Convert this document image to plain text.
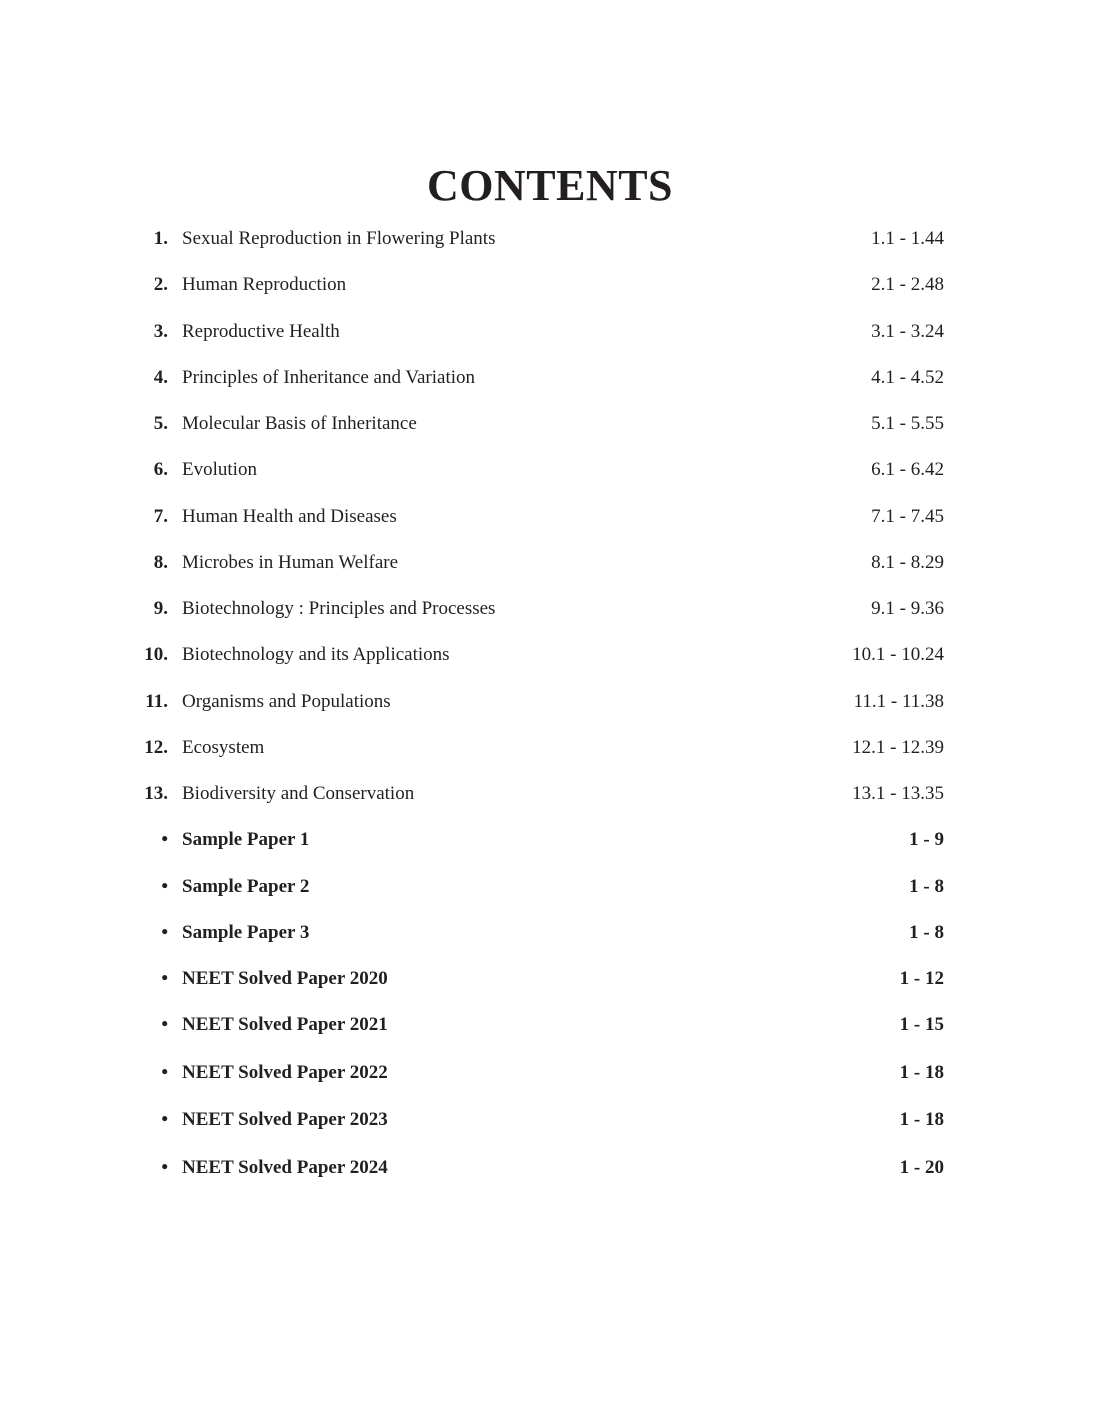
CONTENTS
1. Sexual Reproduction in Flowering Plants	1.1 - 1.44
2. Human Reproduction	2.1 - 2.48
3. Reproductive Health	3.1 - 3.24
4. Principles of Inheritance and Variation	4.1 - 4.52
5. Molecular Basis of Inheritance	5.1 - 5.55
6. Evolution	6.1 - 6.42
7. Human Health and Diseases	7.1 - 7.45
8. Microbes in Human Welfare	8.1 - 8.29
9. Biotechnology : Principles and Processes	9.1 - 9.36
10. Biotechnology and its Applications	10.1 - 10.24
11. Organisms and Populations	11.1 - 11.38
12. Ecosystem	12.1 - 12.39
13. Biodiversity and Conservation	13.1 - 13.35
• Sample Paper 1	1 - 9
• Sample Paper 2	1 - 8
• Sample Paper 3	1 - 8
• NEET Solved Paper 2020	1 - 12
• NEET Solved Paper 2021	1 - 15
• NEET Solved Paper 2022	1 - 18
• NEET Solved Paper 2023	1 - 18
• NEET Solved Paper 2024	1 - 20
